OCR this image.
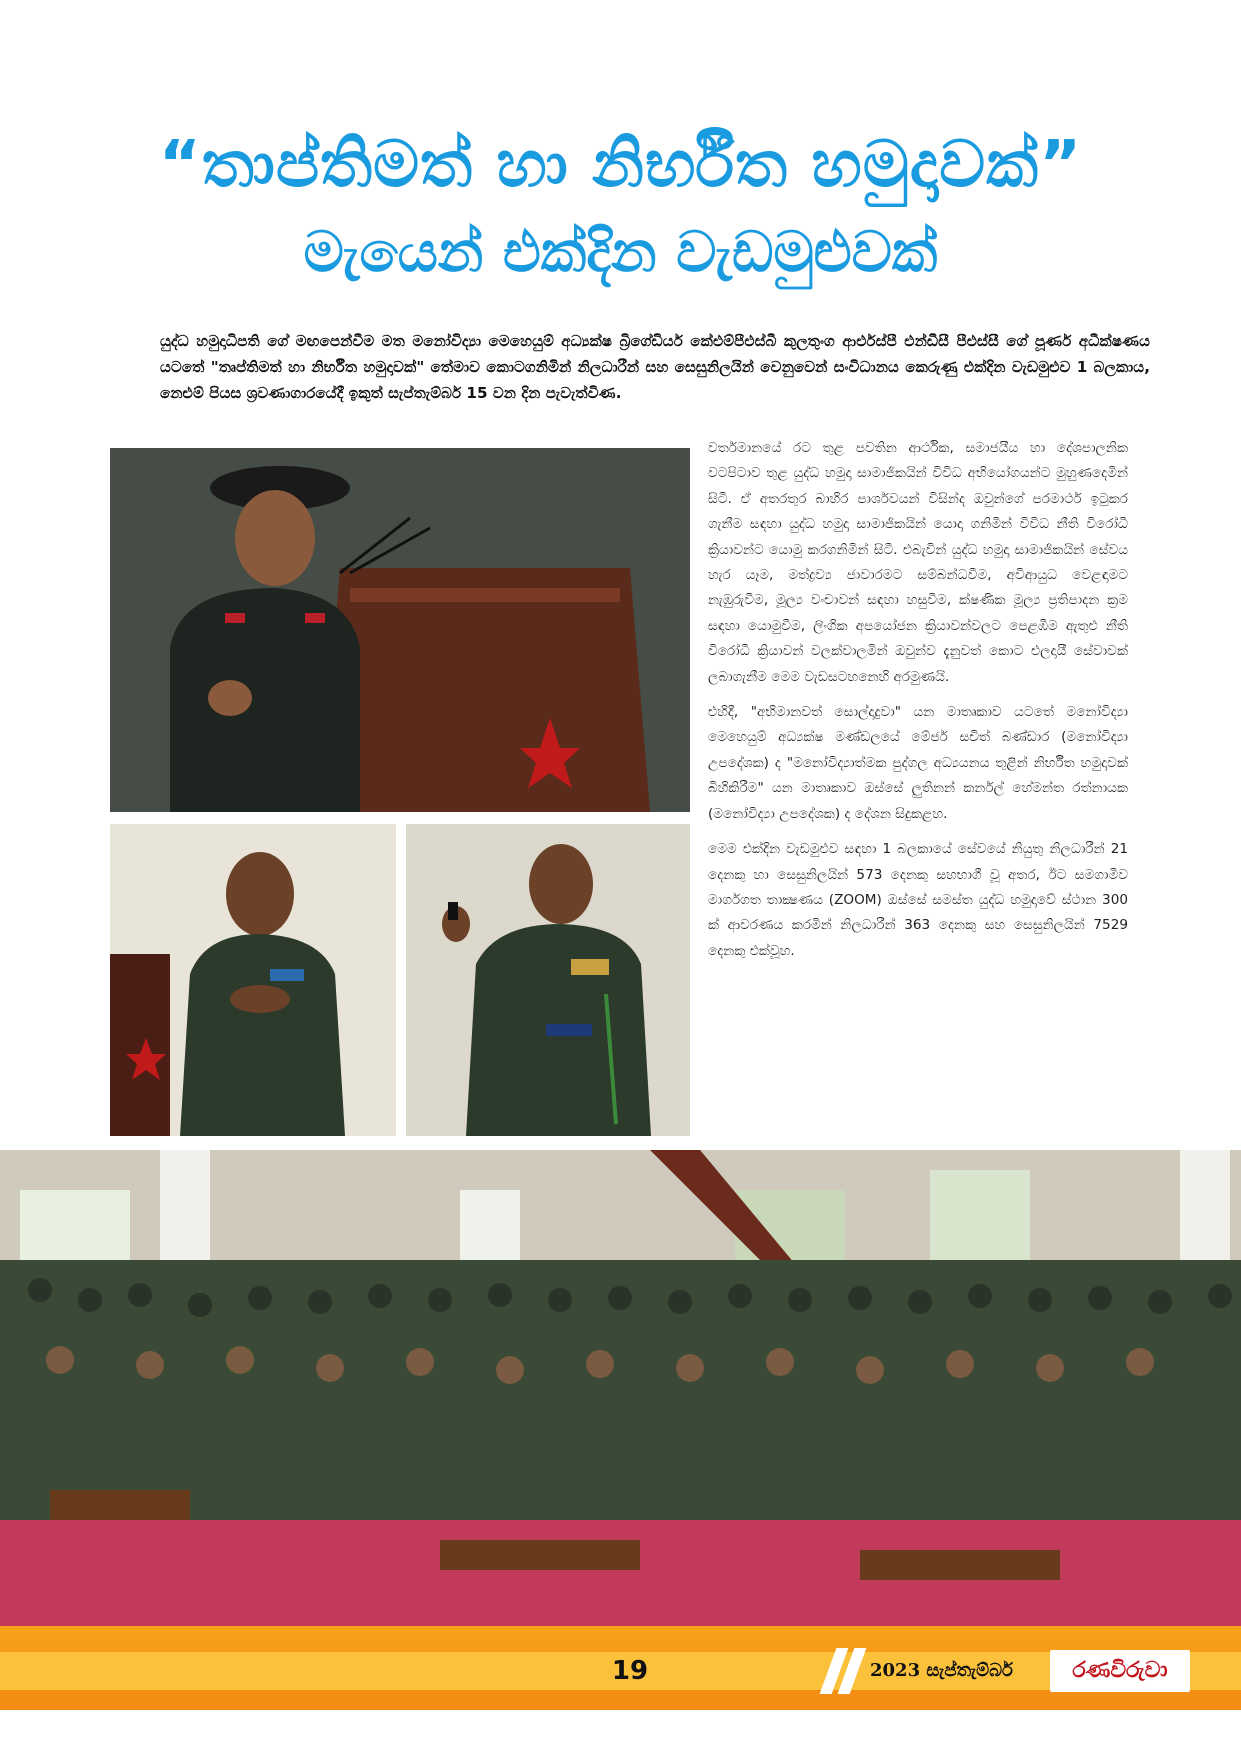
“තාප්තිමත් හා නිර්භීත හමුදාවක්”
මැයෙන් එක්දින වැඩමුළුවක්
යුද්ධ හමුදාධිපති ගේ මඟපෙන්වීම මත මනෝවිද්‍යා මෙහෙයුම් අධ්‍යක්ෂ බ්‍රිගේඩියර් කේඑම්පීඑස්බී කුලතුංග ආර්එස්පී එන්ඩීසී පීඑස්සී ගේ පූර්ණ අධීක්ෂණය යටතේ "තෘප්තිමත් හා නිර්භීත හමුදාවක්" තේමාව කොටගනිමින් නිලධාරීන් සහ සෙසුනිලයින් වෙනුවෙන් සංවිධානය කෙරුණු එක්දින වැඩමුළුව 1 බලකාය, නෙළුම් පියස ශ්‍රවණාගාරයේදී ඉකුත් සැප්තැම්බර් 15 වන දින පැවැත්විණ.

වර්තමානයේ රට තුළ පවතින ආර්ථික, සමාජයීය හා දේශපාලනික වටපිටාව තුළ යුද්ධ හමුදා සාමාජිකයින් විවිධ අභියෝගයන්ට මුහුණදෙමින් සිටී. ඒ අතරතුර බාහිර පාර්ශවයන් විසින්ද ඔවුන්ගේ පරමාර්ථ ඉටුකර ගැනීම සඳහා යුද්ධ හමුදා සාමාජිකයින් යොදා ගනිමින් විවිධ නීති විරෝධී ක්‍රියාවන්ට යොමු කරගනිමින් සිටී. එබැවින් යුද්ධ හමුදා සාමාජිකයින් සේවය හැර යෑම, මත්ද්‍රව්‍ය ජාවාරමට සම්බන්ධවීම, අවිආයුධ වෙළඳාමට නැඹුරුවීම, මූල්‍ය වංචාවන් සඳහා හසුවීම, ක්ෂණික මූල්‍ය ප්‍රතිපාදන ක්‍රම සඳහා යොමුවීම, ලිංගික අපයෝජන ක්‍රියාවන්වලට පෙළඹීම ඇතුළු නීති විරෝධී ක්‍රියාවන් වලක්වාලමින් ඔවුන්ව දැනුවත් කොට එලදායී සේවාවක් ලබාගැනීම මෙම වැඩසටහනෙහි අරමුණයි.

එහිදී, "අභිමානවත් සොල්දාදුවා" යන මාතෘකාව යටතේ මනෝවිද්‍යා මෙහෙයුම් අධ්‍යක්ෂ මණ්ඩලයේ මේජර් සචිත් බණ්ඩාර (මනෝවිද්‍යා උපදේශක) ද "මනෝවිද්‍යාත්මක පුද්ගල අධ්‍යයනය තුළින් නිර්භීත හමුදාවක් බිහිකිරීම" යන මාතෘකාව ඔස්සේ ලුතිනන් කර්නල් හේමන්ත රත්නායක (මනෝවිද්‍යා උපදේශක) ද දේශන සිදුකළහ.

මෙම එක්දින වැඩමුළුව සඳහා 1 බලකායේ සේවයේ නියුතු නිලධාරීන් 21 දෙනකු හා සෙසුනිලයින් 573 දෙනකු සහභාගී වූ අතර, ඊට සමගාමීව මාර්ගගත තාක්‍ෂණය (ZOOM) ඔස්සේ සමස්ත යුද්ධ හමුදාවේ ස්ථාන 300 ක් ආවරණය කරමින් නිලධාරීන් 363 දෙනකු සහ සෙසුනිලයින් 7529 දෙනකු එක්වූහ.

19	2023 සැප්තැම්බර්	රණවිරුවා
